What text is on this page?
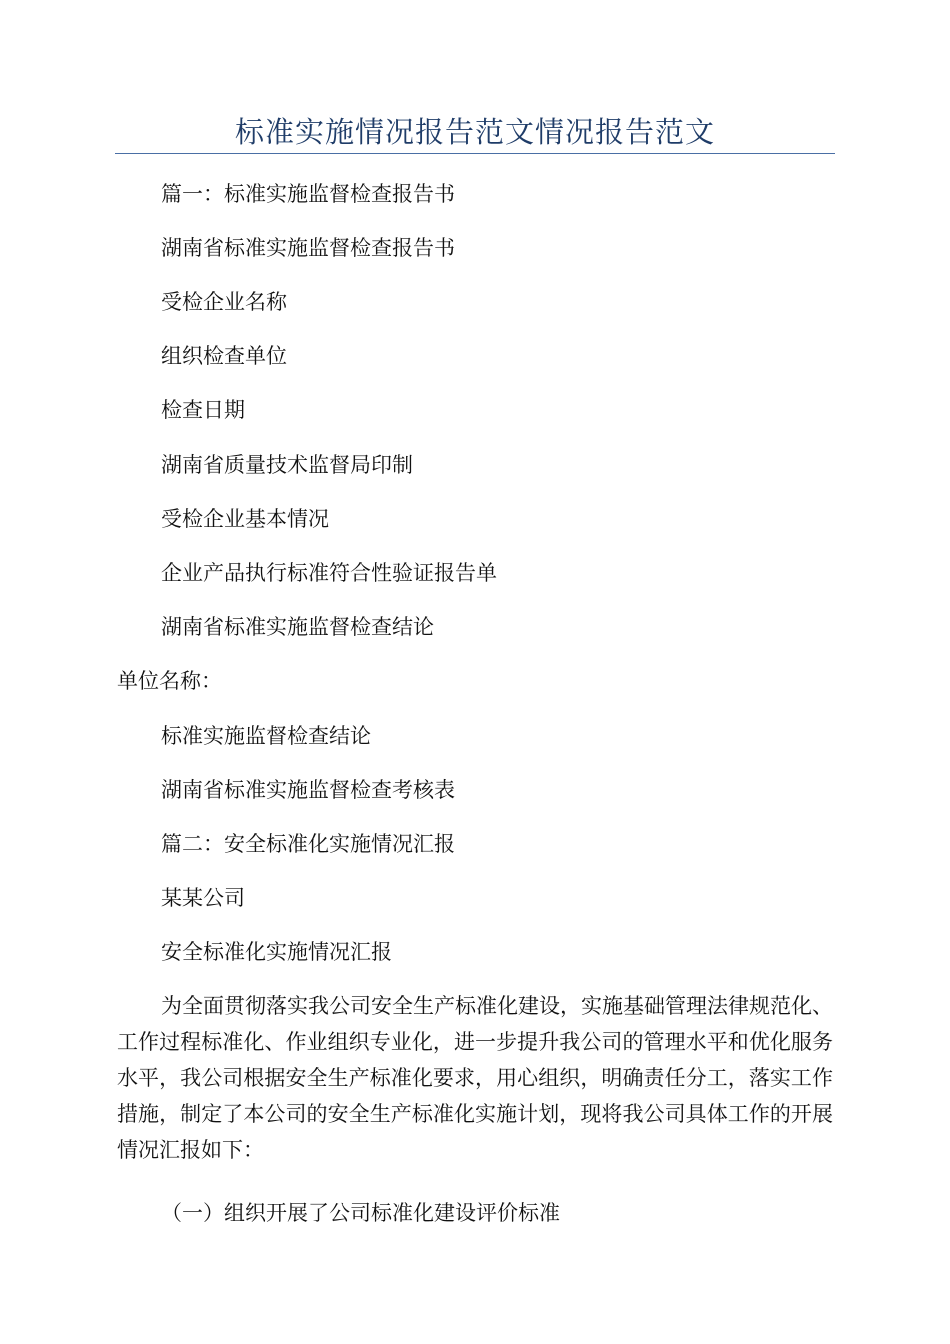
标准实施情况报告范文情况报告范文
篇一：标准实施监督检查报告书
湖南省标准实施监督检查报告书
受检企业名称
组织检查单位
检查日期
湖南省质量技术监督局印制
受检企业基本情况
企业产品执行标准符合性验证报告单
湖南省标准实施监督检查结论
单位名称：
标准实施监督检查结论
湖南省标准实施监督检查考核表
篇二：安全标准化实施情况汇报
某某公司
安全标准化实施情况汇报
为全面贯彻落实我公司安全生产标准化建设，实施基础管理法律规范化、工作过程标准化、作业组织专业化，进一步提升我公司的管理水平和优化服务水平，我公司根据安全生产标准化要求，用心组织，明确责任分工，落实工作措施，制定了本公司的安全生产标准化实施计划，现将我公司具体工作的开展情况汇报如下：
（一）组织开展了公司标准化建设评价标准
